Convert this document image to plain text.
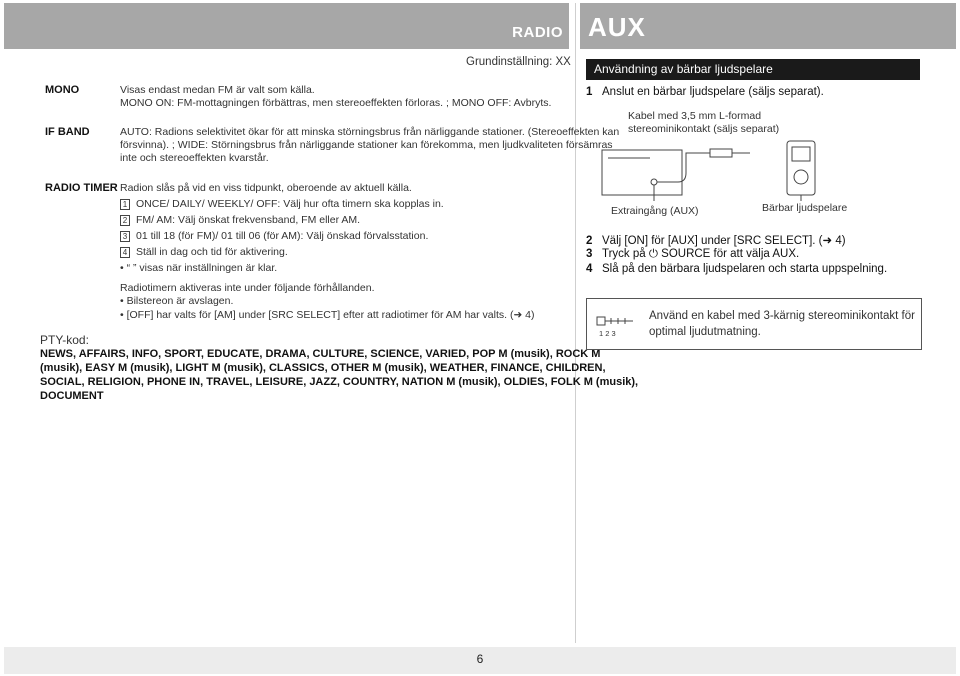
RADIO AUX
Grundinställning: XX
MONO	Visas endast medan FM är valt som källa.
MONO ON: FM-mottagningen förbättras, men stereoeffekten förloras. ; MONO OFF: Avbryts.
IF BAND	AUTO: Radions selektivitet ökar för att minska störningsbrus från närliggande stationer. (Stereoeffekten kan
försvinna). ; WIDE: Störningsbrus från närliggande stationer kan förekomma, men ljudkvaliteten försämras
inte och stereoeffekten kvarstår.
RADIO TIMER Radion slås på vid en viss tidpunkt, oberoende av aktuell källa.
1 ONCE/ DAILY/ WEEKLY/ OFF: Välj hur ofta timern ska kopplas in.
2 FM/ AM: Välj önskat frekvensband, FM eller AM.
3 01 till 18 (för FM)/ 01 till 06 (för AM): Välj önskad förvalsstation.
4 Ställ in dag och tid för aktivering.
• “ ” visas när inställningen är klar.
Radiotimern aktiveras inte under följande förhållanden.
• Bilstereon är avslagen.
• [OFF] har valts för [AM] under [SRC SELECT] efter att radiotimer för AM har valts. (➜ 4)
PTY-kod:
NEWS, AFFAIRS, INFO, SPORT, EDUCATE, DRAMA, CULTURE, SCIENCE, VARIED, POP M (musik), ROCK M
(musik), EASY M (musik), LIGHT M (musik), CLASSICS, OTHER M (musik), WEATHER, FINANCE, CHILDREN,
SOCIAL, RELIGION, PHONE IN, TRAVEL, LEISURE, JAZZ, COUNTRY, NATION M (musik), OLDIES, FOLK M (musik),
DOCUMENT
Användning av bärbar ljudspelare
1 Anslut en bärbar ljudspelare (säljs separat).
Kabel med 3,5 mm L-formad
stereominikontakt (säljs separat)
Extraingång (AUX)	Bärbar ljudspelare
2 Välj [ON] för [AUX] under [SRC SELECT]. (➜ 4)
3 Tryck på ⏻ SOURCE för att välja AUX.
4 Slå på den bärbara ljudspelaren och starta uppspelning.
1 2 3
Använd en kabel med 3-kärnig stereominikontakt för optimal ljudutmatning.
6
